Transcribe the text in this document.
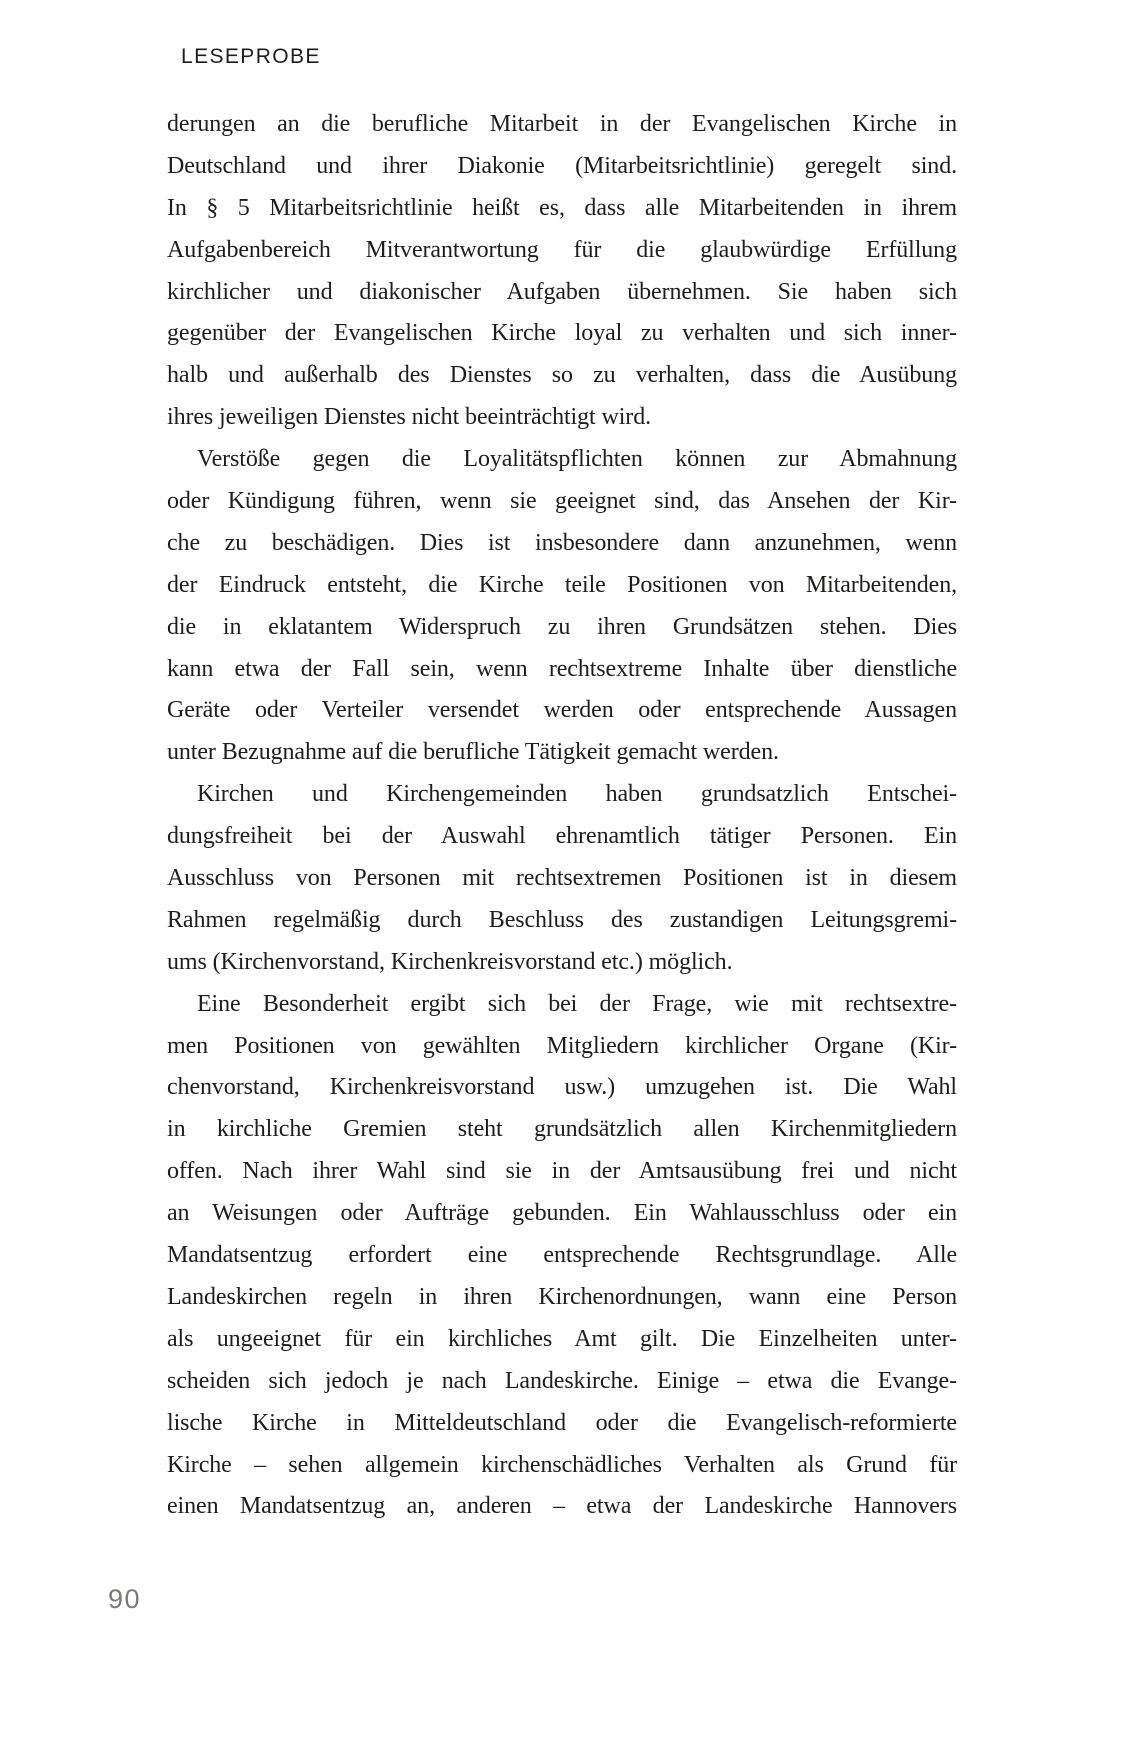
LESEPROBE
derungen an die berufliche Mitarbeit in der Evangelischen Kirche in
Deutschland und ihrer Diakonie (Mitarbeitsrichtlinie) geregelt sind.
In § 5 Mitarbeitsrichtlinie heißt es, dass alle Mitarbeitenden in ihrem
Aufgabenbereich Mitverantwortung für die glaubwürdige Erfüllung
kirchlicher und diakonischer Aufgaben übernehmen. Sie haben sich
gegenüber der Evangelischen Kirche loyal zu verhalten und sich inner-
halb und außerhalb des Dienstes so zu verhalten, dass die Ausübung
ihres jeweiligen Dienstes nicht beeinträchtigt wird.
Verstöße gegen die Loyalitätspflichten können zur Abmahnung
oder Kündigung führen, wenn sie geeignet sind, das Ansehen der Kir-
che zu beschädigen. Dies ist insbesondere dann anzunehmen, wenn
der Eindruck entsteht, die Kirche teile Positionen von Mitarbeitenden,
die in eklatantem Widerspruch zu ihren Grundsätzen stehen. Dies
kann etwa der Fall sein, wenn rechtsextreme Inhalte über dienstliche
Geräte oder Verteiler versendet werden oder entsprechende Aussagen
unter Bezugnahme auf die berufliche Tätigkeit gemacht werden.
Kirchen und Kirchengemeinden haben grundsatzlich Entschei-
dungsfreiheit bei der Auswahl ehrenamtlich tätiger Personen. Ein
Ausschluss von Personen mit rechtsextremen Positionen ist in diesem
Rahmen regelmäßig durch Beschluss des zustandigen Leitungsgremi-
ums (Kirchenvorstand, Kirchenkreisvorstand etc.) möglich.
Eine Besonderheit ergibt sich bei der Frage, wie mit rechtsextre-
men Positionen von gewählten Mitgliedern kirchlicher Organe (Kir-
chenvorstand, Kirchenkreisvorstand usw.) umzugehen ist. Die Wahl
in kirchliche Gremien steht grundsätzlich allen Kirchenmitgliedern
offen. Nach ihrer Wahl sind sie in der Amtsausübung frei und nicht
an Weisungen oder Aufträge gebunden. Ein Wahlausschluss oder ein
Mandatsentzug erfordert eine entsprechende Rechtsgrundlage. Alle
Landeskirchen regeln in ihren Kirchenordnungen, wann eine Person
als ungeeignet für ein kirchliches Amt gilt. Die Einzelheiten unter-
scheiden sich jedoch je nach Landeskirche. Einige – etwa die Evange-
lische Kirche in Mitteldeutschland oder die Evangelisch-reformierte
Kirche – sehen allgemein kirchenschädliches Verhalten als Grund für
einen Mandatsentzug an, anderen – etwa der Landeskirche Hannovers
90
